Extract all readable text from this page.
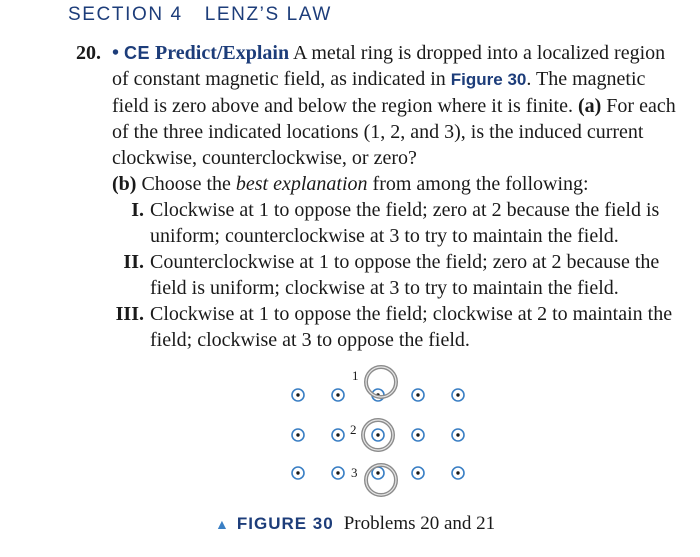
SECTION 4 LENZ’S LAW
20. • CE Predict/Explain A metal ring is dropped into a localized region of constant magnetic field, as indicated in Figure 30. The magnetic field is zero above and below the region where it is finite. (a) For each of the three indicated locations (1, 2, and 3), is the induced current clockwise, counterclockwise, or zero?
(b) Choose the best explanation from among the following:
I. Clockwise at 1 to oppose the field; zero at 2 because the field is uniform; counterclockwise at 3 to try to maintain the field.
II. Counterclockwise at 1 to oppose the field; zero at 2 because the field is uniform; clockwise at 3 to try to maintain the field.
III. Clockwise at 1 to oppose the field; clockwise at 2 to maintain the field; clockwise at 3 to oppose the field.
1
2
3
▲ FIGURE 30 Problems 20 and 21
